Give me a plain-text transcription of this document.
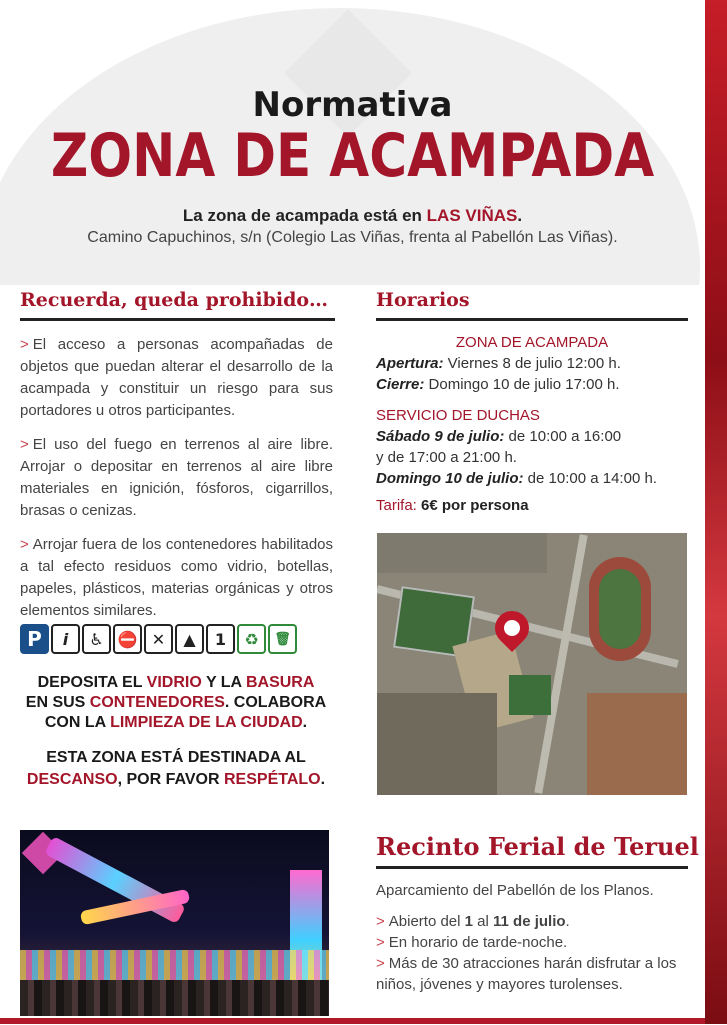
Normativa
ZONA DE ACAMPADA
La zona de acampada está en LAS VIÑAS.
Camino Capuchinos, s/n (Colegio Las Viñas, frenta al Pabellón Las Viñas).
Recuerda, queda prohibido…

> El acceso a personas acompañadas de objetos que puedan alterar el desarrollo de la acampada y constituir un riesgo para sus portadores u otros participantes.

> El uso del fuego en terrenos al aire libre. Arrojar o depositar en terrenos al aire libre materiales en ignición, fósforos, cigarrillos, brasas o cenizas.

> Arrojar fuera de los contenedores habilitados a tal efecto residuos como vidrio, botellas, papeles, plásticos, materias orgánicas y otros elementos similares.

P	i	♿ ⛔ ✕	▲	1	♻	🗑
DEPOSITA EL VIDRIO Y LA BASURA
EN SUS CONTENEDORES. COLABORA
CON LA LIMPIEZA DE LA CIUDAD.
ESTA ZONA ESTÁ DESTINADA AL
DESCANSO, POR FAVOR RESPÉTALO.
Horarios
ZONA DE ACAMPADA
Apertura: Viernes 8 de julio 12:00 h.
Cierre: Domingo 10 de julio 17:00 h.
SERVICIO DE DUCHAS
Sábado 9 de julio: de 10:00 a 16:00
y de 17:00 a 21:00 h.
Domingo 10 de julio: de 10:00 a 14:00 h.
Tarifa: 6€ por persona
Recinto Ferial de Teruel

Aparcamiento del Pabellón de los Planos.

> Abierto del 1 al 11 de julio.
> En horario de tarde-noche.
> Más de 30 atracciones harán disfrutar a los niños, jóvenes y mayores turolenses.
